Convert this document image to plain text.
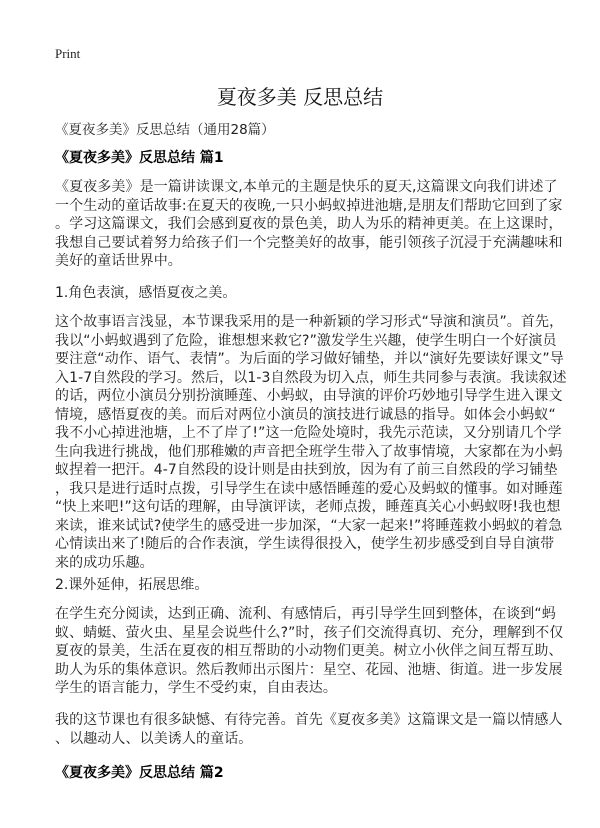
Print
夏夜多美 反思总结
《夏夜多美》反思总结（通用28篇）
《夏夜多美》反思总结 篇1
《夏夜多美》是一篇讲读课文,本单元的主题是快乐的夏天,这篇课文向我们讲述了
一个生动的童话故事:在夏天的夜晚,一只小蚂蚁掉进池塘,是朋友们帮助它回到了家
。学习这篇课文，我们会感到夏夜的景色美，助人为乐的精神更美。在上这课时，
我想自己要试着努力给孩子们一个完整美好的故事，能引领孩子沉浸于充满趣味和
美好的童话世界中。
1.角色表演，感悟夏夜之美。
这个故事语言浅显，本节课我采用的是一种新颖的学习形式“导演和演员”。首先，
我以“小蚂蚁遇到了危险，谁想想来救它?”激发学生兴趣，使学生明白一个好演员
要注意“动作、语气、表情”。为后面的学习做好铺垫，并以“演好先要读好课文”导
入1-7自然段的学习。然后，以1-3自然段为切入点，师生共同参与表演。我读叙述
的话，两位小演员分别扮演睡莲、小蚂蚁，由导演的评价巧妙地引导学生进入课文
情境，感悟夏夜的美。而后对两位小演员的演技进行诚恳的指导。如体会小蚂蚁“
我不小心掉进池塘，上不了岸了!”这一危险处境时，我先示范读，又分别请几个学
生向我进行挑战，他们那稚嫩的声音把全班学生带入了故事情境，大家都在为小蚂
蚁捏着一把汗。4-7自然段的设计则是由扶到放，因为有了前三自然段的学习铺垫
，我只是进行适时点拨，引导学生在读中感悟睡莲的爱心及蚂蚁的懂事。如对睡莲
“快上来吧!”这句话的理解，由导演评读，老师点拨，睡莲真关心小蚂蚁呀!我也想
来读，谁来试试?使学生的感受进一步加深，“大家一起来!”将睡莲救小蚂蚁的着急
心情读出来了!随后的合作表演，学生读得很投入，使学生初步感受到自导自演带
来的成功乐趣。
2.课外延伸，拓展思维。
在学生充分阅读，达到正确、流利、有感情后，再引导学生回到整体，在谈到“蚂
蚁、蜻蜓、萤火虫、星星会说些什么?”时，孩子们交流得真切、充分，理解到不仅
夏夜的景美，生活在夏夜的相互帮助的小动物们更美。树立小伙伴之间互帮互助、
助人为乐的集体意识。然后教师出示图片：星空、花园、池塘、街道。进一步发展
学生的语言能力，学生不受约束，自由表达。
我的这节课也有很多缺憾、有待完善。首先《夏夜多美》这篇课文是一篇以情感人
、以趣动人、以美诱人的童话。
《夏夜多美》反思总结 篇2
